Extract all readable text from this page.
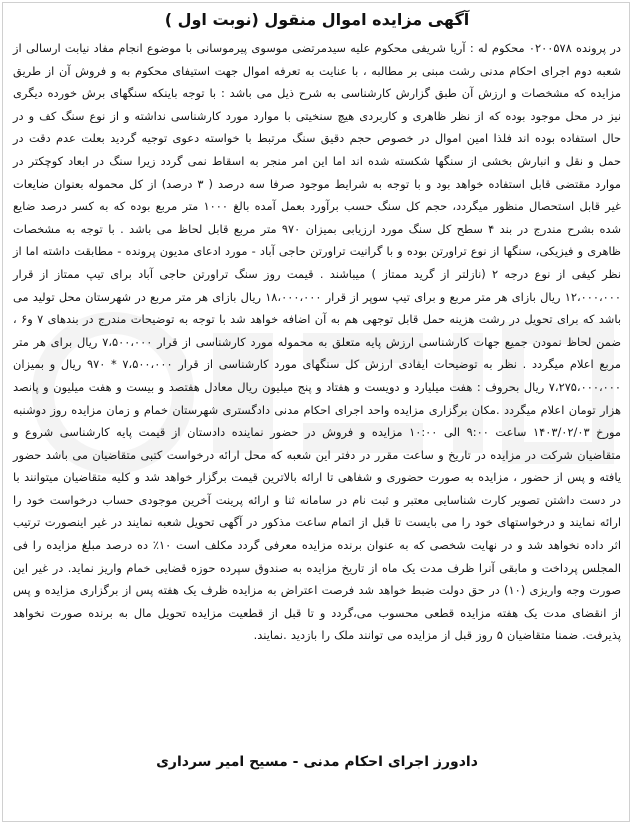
آگهی مزایده اموال منقول (نوبت اول )
در پرونده ۰۲۰۰۵۷۸ محکوم له : آریا شریفی محکوم علیه سیدمرتضی موسوی پیرموسانی با موضوع انجام مفاد نیابت ارسالی از شعبه دوم اجرای احکام مدنی رشت مبنی بر مطالبه ، با عنایت به تعرفه اموال جهت استیفای محکوم به و فروش آن از طریق مزایده که مشخصات و ارزش آن طبق گزارش کارشناسی به شرح ذیل می باشد : با توجه باینکه سنگهای برش خورده دیگری نیز در محل موجود بوده که از نظر ظاهری و کاربردی هیچ سنخیتی با موارد مورد کارشناسی نداشته و از نوع سنگ کف و در حال استفاده بوده اند فلذا امین اموال در خصوص حجم دقیق سنگ مرتبط با خواسته دعوی توجیه گردید بعلت عدم دقت در حمل و نقل و انبارش بخشی از سنگها شکسته شده اند اما این امر منجر به اسقاط نمی گردد زیرا سنگ در ابعاد کوچکتر در موارد مقتضی قابل استفاده خواهد بود و با توجه به شرایط موجود صرفا سه درصد ( ۳ درصد) از کل محموله بعنوان ضایعات غیر قابل استحصال منظور میگردد، حجم کل سنگ حسب برآورد بعمل آمده بالغ ۱۰۰۰ متر مربع بوده که به کسر درصد ضایع شده بشرح مندرج در بند ۴ سطح کل سنگ مورد ارزیابی بمیزان ۹۷۰ متر مربع قابل لحاظ می باشد . با توجه به مشخصات ظاهری و فیزیکی، سنگها از نوع تراورتن بوده و با گرانیت تراورتن حاجی آباد - مورد ادعای مدیون پرونده - مطابقت داشته اما از نظر کیفی از نوع درجه ۲ (نازلتر از گرید ممتاز ) میباشند . قیمت روز سنگ تراورتن حاجی آباد برای تیپ ممتاز از قرار ۱۲،۰۰۰،۰۰۰ ریال بازای هر متر مربع و برای تیپ سوپر از قرار ۱۸،۰۰۰،۰۰۰ ریال بازای هر متر مربع در شهرستان محل تولید می باشد که برای تحویل در رشت هزینه حمل قابل توجهی هم به آن اضافه خواهد شد با توجه به توضیحات مندرج در بندهای ۷ و۶ ، ضمن لحاظ نمودن جمیع جهات کارشناسی ارزش پایه متعلق به محموله مورد کارشناسی از قرار ۷،۵۰۰،۰۰۰ ریال برای هر متر مربع اعلام میگردد . نظر به توضیحات ایفادی ارزش کل سنگهای مورد کارشناسی از قرار ۷،۵۰۰،۰۰۰ * ۹۷۰ ریال و بمیزان ۷،۲۷۵،۰۰۰،۰۰۰ ریال بحروف : هفت میلیارد و دویست و هفتاد و پنج میلیون ریال معادل هفتصد و بیست و هفت میلیون و پانصد هزار تومان اعلام میگردد .مکان برگزاری مزایده واحد اجرای احکام مدنی دادگستری شهرستان خمام و زمان مزایده روز دوشنبه مورخ ۱۴۰۳/۰۲/۰۳ ساعت ۹:۰۰ الی ۱۰:۰۰ مزایده و فروش در حضور نماینده دادستان از قیمت پایه کارشناسی شروع و متقاضیان شرکت در مزایده در تاریخ و ساعت مقرر در دفتر این شعبه که محل ارائه درخواست کتبی متقاضیان می باشد حضور یافته و پس از حضور ، مزایده به صورت حضوری و شفاهی تا ارائه بالاترین قیمت برگزار خواهد شد و کلیه متقاضیان میتوانند با در دست داشتن تصویر کارت شناسایی معتبر و ثبت نام در سامانه ثنا و ارائه پرینت آخرین موجودی حساب درخواست خود را ارائه نمایند و درخواستهای خود را می بایست تا قبل از اتمام ساعت مذکور در آگهی تحویل شعبه نمایند در غیر اینصورت ترتیب اثر داده نخواهد شد و در نهایت شخصی که به عنوان برنده مزایده معرفی گردد مکلف است ۱۰٪ ده درصد مبلغ مزایده را فی المجلس پرداخت و مابقی آنرا ظرف مدت یک ماه از تاریخ مزایده به صندوق سپرده حوزه قضایی خمام واریز نماید. در غیر این صورت وجه واریزی (۱۰) در حق دولت ضبط خواهد شد فرصت اعتراض به مزایده ظرف یک هفته پس از برگزاری مزایده و پس از انقضای مدت یک هفته مزایده قطعی محسوب می،گردد و تا قبل از قطعیت مزایده تحویل مال به برنده صورت نخواهد پذیرفت. ضمنا متقاضیان ۵ روز قبل از مزایده می توانند ملک را بازدید .نمایند.
دادورز اجرای احکام مدنی - مسیح امیر سرداری
